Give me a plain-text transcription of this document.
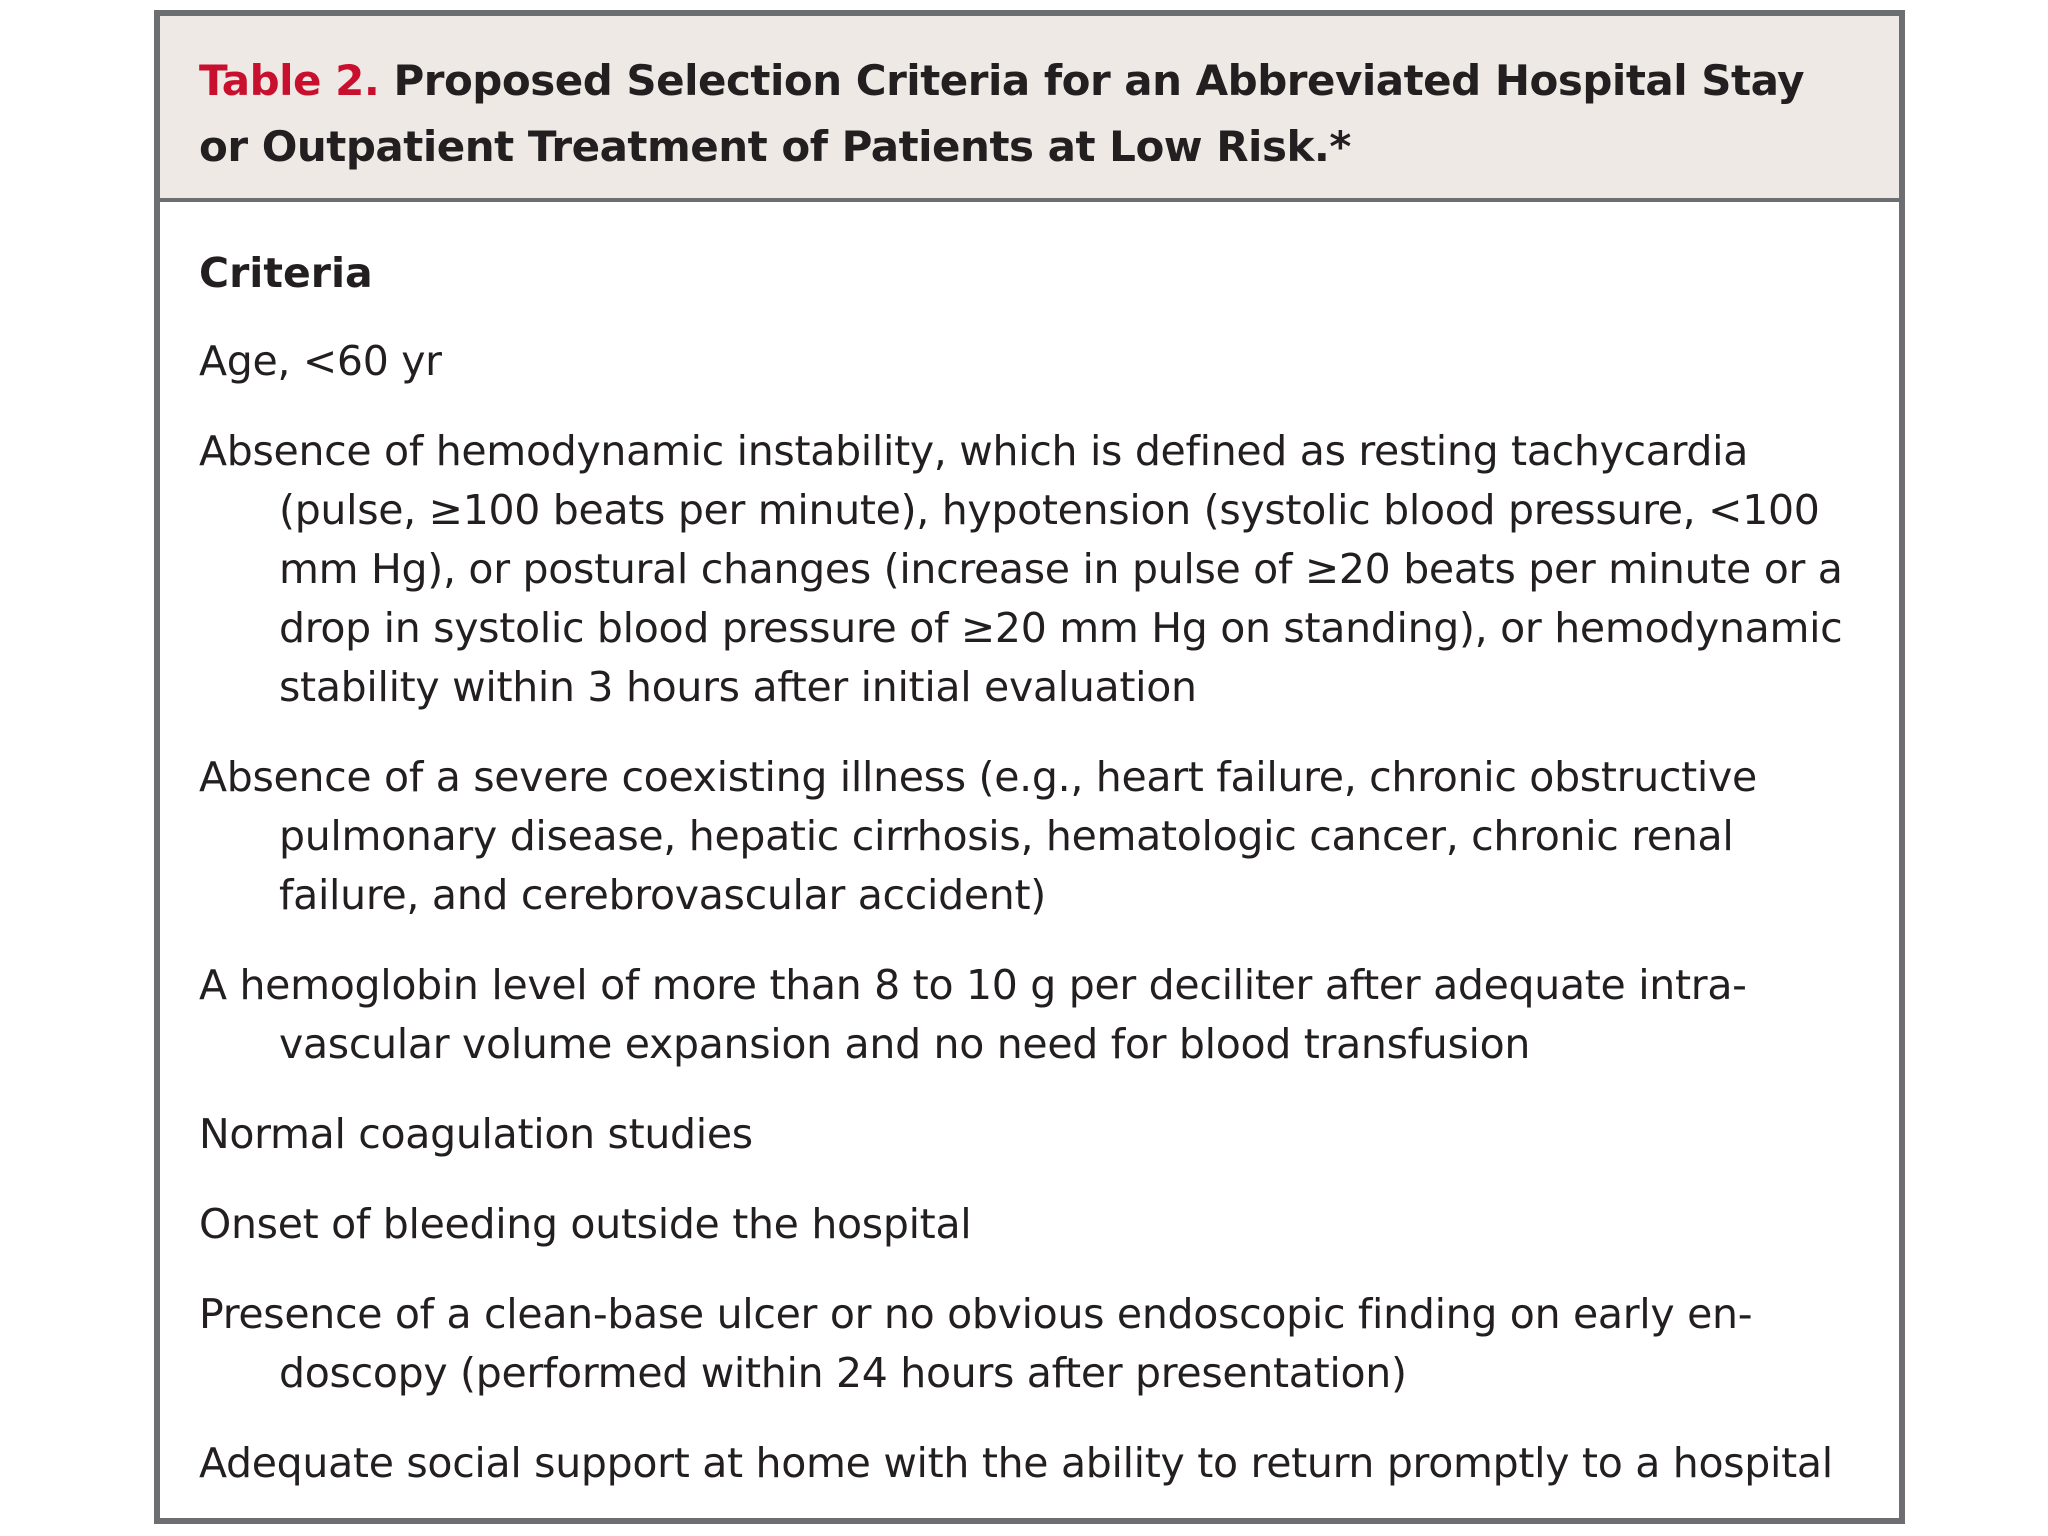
Table 2. Proposed Selection Criteria for an Abbreviated Hospital Stay
or Outpatient Treatment of Patients at Low Risk.*
Criteria
Age, <60 yr
Absence of hemodynamic instability, which is defined as resting tachycardia (pulse, ≥100 beats per minute), hypotension (systolic blood pressure, <100 mm Hg), or postural changes (increase in pulse of ≥20 beats per minute or a drop in systolic blood pressure of ≥20 mm Hg on standing), or hemodynamic stability within 3 hours after initial evaluation
Absence of a severe coexisting illness (e.g., heart failure, chronic obstructive pulmonary disease, hepatic cirrhosis, hematologic cancer, chronic renal failure, and cerebrovascular accident)
A hemoglobin level of more than 8 to 10 g per deciliter after adequate intravascular volume expansion and no need for blood transfusion
Normal coagulation studies
Onset of bleeding outside the hospital
Presence of a clean-base ulcer or no obvious endoscopic finding on early endoscopy (performed within 24 hours after presentation)
Adequate social support at home with the ability to return promptly to a hospital
